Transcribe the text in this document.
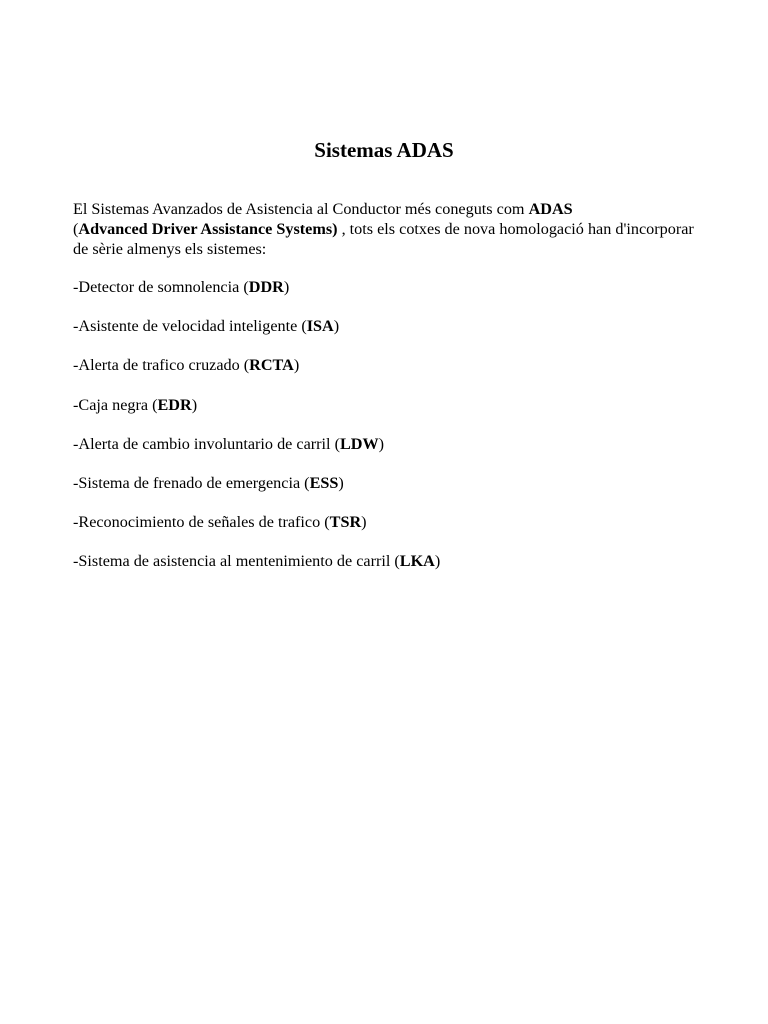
Sistemas ADAS

El Sistemas Avanzados de Asistencia al Conductor més coneguts com ADAS
(Advanced Driver Assistance Systems) , tots els cotxes de nova homologació han d'incorporar de sèrie almenys els sistemes:

-Detector de somnolencia (DDR)
-Asistente de velocidad inteligente (ISA)
-Alerta de trafico cruzado (RCTA)
-Caja negra (EDR)
-Alerta de cambio involuntario de carril (LDW)
-Sistema de frenado de emergencia (ESS)
-Reconocimiento de señales de trafico (TSR)
-Sistema de asistencia al mentenimiento de carril (LKA)
